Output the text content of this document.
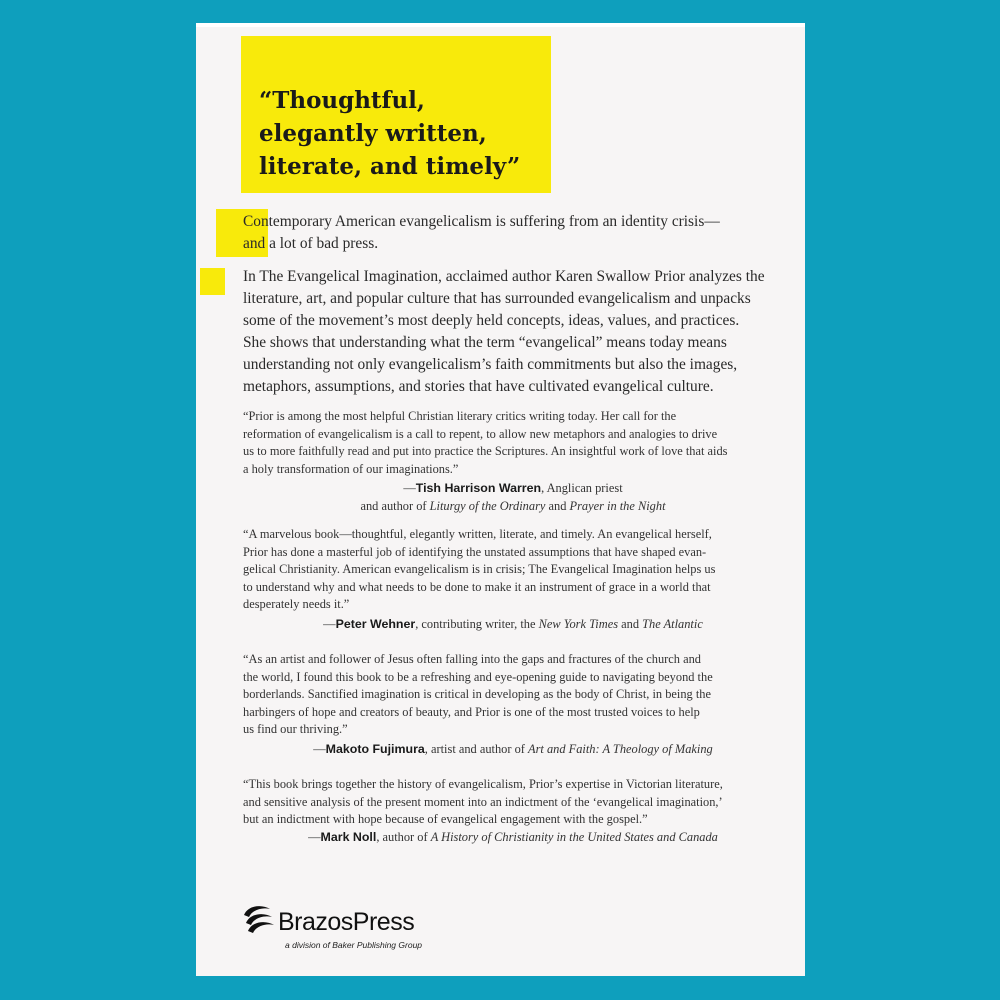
“Thoughtful,
elegantly written,
literate, and timely”

Contemporary American evangelicalism is suffering from an identity crisis—
and a lot of bad press.

In The Evangelical Imagination, acclaimed author Karen Swallow Prior analyzes the
literature, art, and popular culture that has surrounded evangelicalism and unpacks
some of the movement’s most deeply held concepts, ideas, values, and practices.
She shows that understanding what the term “evangelical” means today means
understanding not only evangelicalism’s faith commitments but also the images,
metaphors, assumptions, and stories that have cultivated evangelical culture.

“Prior is among the most helpful Christian literary critics writing today. Her call for the
reformation of evangelicalism is a call to repent, to allow new metaphors and analogies to drive
us to more faithfully read and put into practice the Scriptures. An insightful work of love that aids
a holy transformation of our imaginations.”

—Tish Harrison Warren, Anglican priest
and author of Liturgy of the Ordinary and Prayer in the Night

“A marvelous book—thoughtful, elegantly written, literate, and timely. An evangelical herself,
Prior has done a masterful job of identifying the unstated assumptions that have shaped evan-
gelical Christianity. American evangelicalism is in crisis; The Evangelical Imagination helps us
to understand why and what needs to be done to make it an instrument of grace in a world that
desperately needs it.”

—Peter Wehner, contributing writer, the New York Times and The Atlantic

“As an artist and follower of Jesus often falling into the gaps and fractures of the church and
the world, I found this book to be a refreshing and eye-opening guide to navigating beyond the
borderlands. Sanctified imagination is critical in developing as the body of Christ, in being the
harbingers of hope and creators of beauty, and Prior is one of the most trusted voices to help
us find our thriving.”

—Makoto Fujimura, artist and author of Art and Faith: A Theology of Making

“This book brings together the history of evangelicalism, Prior’s expertise in Victorian literature,
and sensitive analysis of the present moment into an indictment of the ‘evangelical imagination,’
but an indictment with hope because of evangelical engagement with the gospel.”

—Mark Noll, author of A History of Christianity in the United States and Canada
BrazosPress
a division of Baker Publishing Group
